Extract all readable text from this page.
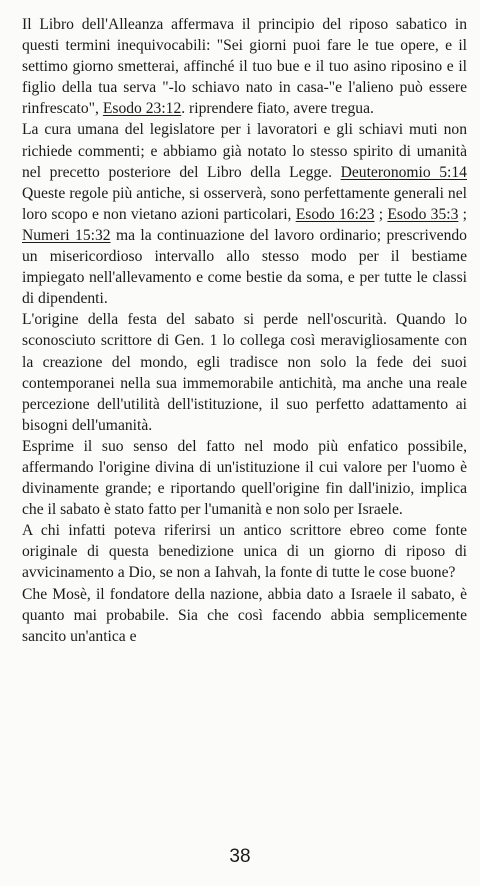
Il Libro dell'Alleanza affermava il principio del riposo sabatico in questi termini inequivocabili: "Sei giorni puoi fare le tue opere, e il settimo giorno smetterai, affinché il tuo bue e il tuo asino riposino e il figlio della tua serva "-lo schiavo nato in casa-"e l'alieno può essere rinfrescato", Esodo 23:12. riprendere fiato, avere tregua.

La cura umana del legislatore per i lavoratori e gli schiavi muti non richiede commenti; e abbiamo già notato lo stesso spirito di umanità nel precetto posteriore del Libro della Legge. Deuteronomio 5:14 Queste regole più antiche, si osserverà, sono perfettamente generali nel loro scopo e non vietano azioni particolari, Esodo 16:23 ; Esodo 35:3 ; Numeri 15:32 ma la continuazione del lavoro ordinario; prescrivendo un misericordioso intervallo allo stesso modo per il bestiame impiegato nell'allevamento e come bestie da soma, e per tutte le classi di dipendenti.

L'origine della festa del sabato si perde nell'oscurità. Quando lo sconosciuto scrittore di Gen. 1 lo collega così meravigliosamente con la creazione del mondo, egli tradisce non solo la fede dei suoi contemporanei nella sua immemorabile antichità, ma anche una reale percezione dell'utilità dell'istituzione, il suo perfetto adattamento ai bisogni dell'umanità.

Esprime il suo senso del fatto nel modo più enfatico possibile, affermando l'origine divina di un'istituzione il cui valore per l'uomo è divinamente grande; e riportando quell'origine fin dall'inizio, implica che il sabato è stato fatto per l'umanità e non solo per Israele.

A chi infatti poteva riferirsi un antico scrittore ebreo come fonte originale di questa benedizione unica di un giorno di riposo di avvicinamento a Dio, se non a Iahvah, la fonte di tutte le cose buone?

Che Mosè, il fondatore della nazione, abbia dato a Israele il sabato, è quanto mai probabile. Sia che così facendo abbia semplicemente sancito un'antica e

38
